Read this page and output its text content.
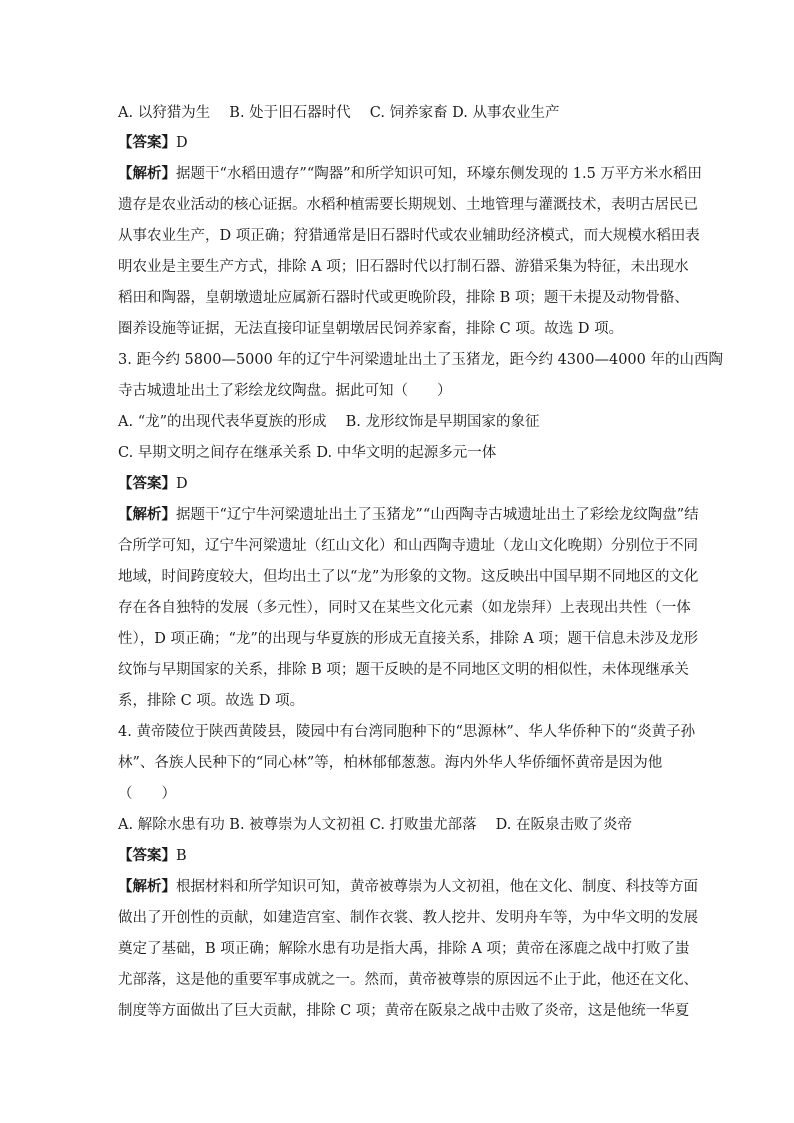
A. 以狩猎为生　 B. 处于旧石器时代　 C. 饲养家畜 D. 从事农业生产
【答案】D
【解析】据题干“水稻田遗存”“陶器”和所学知识可知，环壕东侧发现的 1.5 万平方米水稻田
遗存是农业活动的核心证据。水稻种植需要长期规划、土地管理与灌溉技术，表明古居民已
从事农业生产，D 项正确；狩猎通常是旧石器时代或农业辅助经济模式，而大规模水稻田表
明农业是主要生产方式，排除 A 项；旧石器时代以打制石器、游猎采集为特征，未出现水
稻田和陶器，皇朝墩遗址应属新石器时代或更晚阶段，排除 B 项；题干未提及动物骨骼、
圈养设施等证据，无法直接印证皇朝墩居民饲养家畜，排除 C 项。故选 D 项。
3. 距今约 5800—5000 年的辽宁牛河梁遗址出土了玉猪龙，距今约 4300—4000 年的山西陶
寺古城遗址出土了彩绘龙纹陶盘。据此可知（　　）
A. “龙”的出现代表华夏族的形成　 B. 龙形纹饰是早期国家的象征
C. 早期文明之间存在继承关系 D. 中华文明的起源多元一体
【答案】D
【解析】据题干“辽宁牛河梁遗址出土了玉猪龙”“山西陶寺古城遗址出土了彩绘龙纹陶盘”结
合所学可知，辽宁牛河梁遗址（红山文化）和山西陶寺遗址（龙山文化晚期）分别位于不同
地域，时间跨度较大，但均出土了以“龙”为形象的文物。这反映出中国早期不同地区的文化
存在各自独特的发展（多元性），同时又在某些文化元素（如龙崇拜）上表现出共性（一体
性），D 项正确；“龙”的出现与华夏族的形成无直接关系，排除 A 项；题干信息未涉及龙形
纹饰与早期国家的关系，排除 B 项；题干反映的是不同地区文明的相似性，未体现继承关
系，排除 C 项。故选 D 项。
4. 黄帝陵位于陕西黄陵县，陵园中有台湾同胞种下的“思源林”、华人华侨种下的“炎黄子孙
林”、各族人民种下的“同心林”等，柏林郁郁葱葱。海内外华人华侨缅怀黄帝是因为他
（　　）
A. 解除水患有功 B. 被尊崇为人文初祖 C. 打败蚩尤部落　 D. 在阪泉击败了炎帝
【答案】B
【解析】根据材料和所学知识可知，黄帝被尊崇为人文初祖，他在文化、制度、科技等方面
做出了开创性的贡献，如建造宫室、制作衣裳、教人挖井、发明舟车等，为中华文明的发展
奠定了基础，B 项正确；解除水患有功是指大禹，排除 A 项；黄帝在涿鹿之战中打败了蚩
尤部落，这是他的重要军事成就之一。然而，黄帝被尊崇的原因远不止于此，他还在文化、
制度等方面做出了巨大贡献，排除 C 项；黄帝在阪泉之战中击败了炎帝，这是他统一华夏
